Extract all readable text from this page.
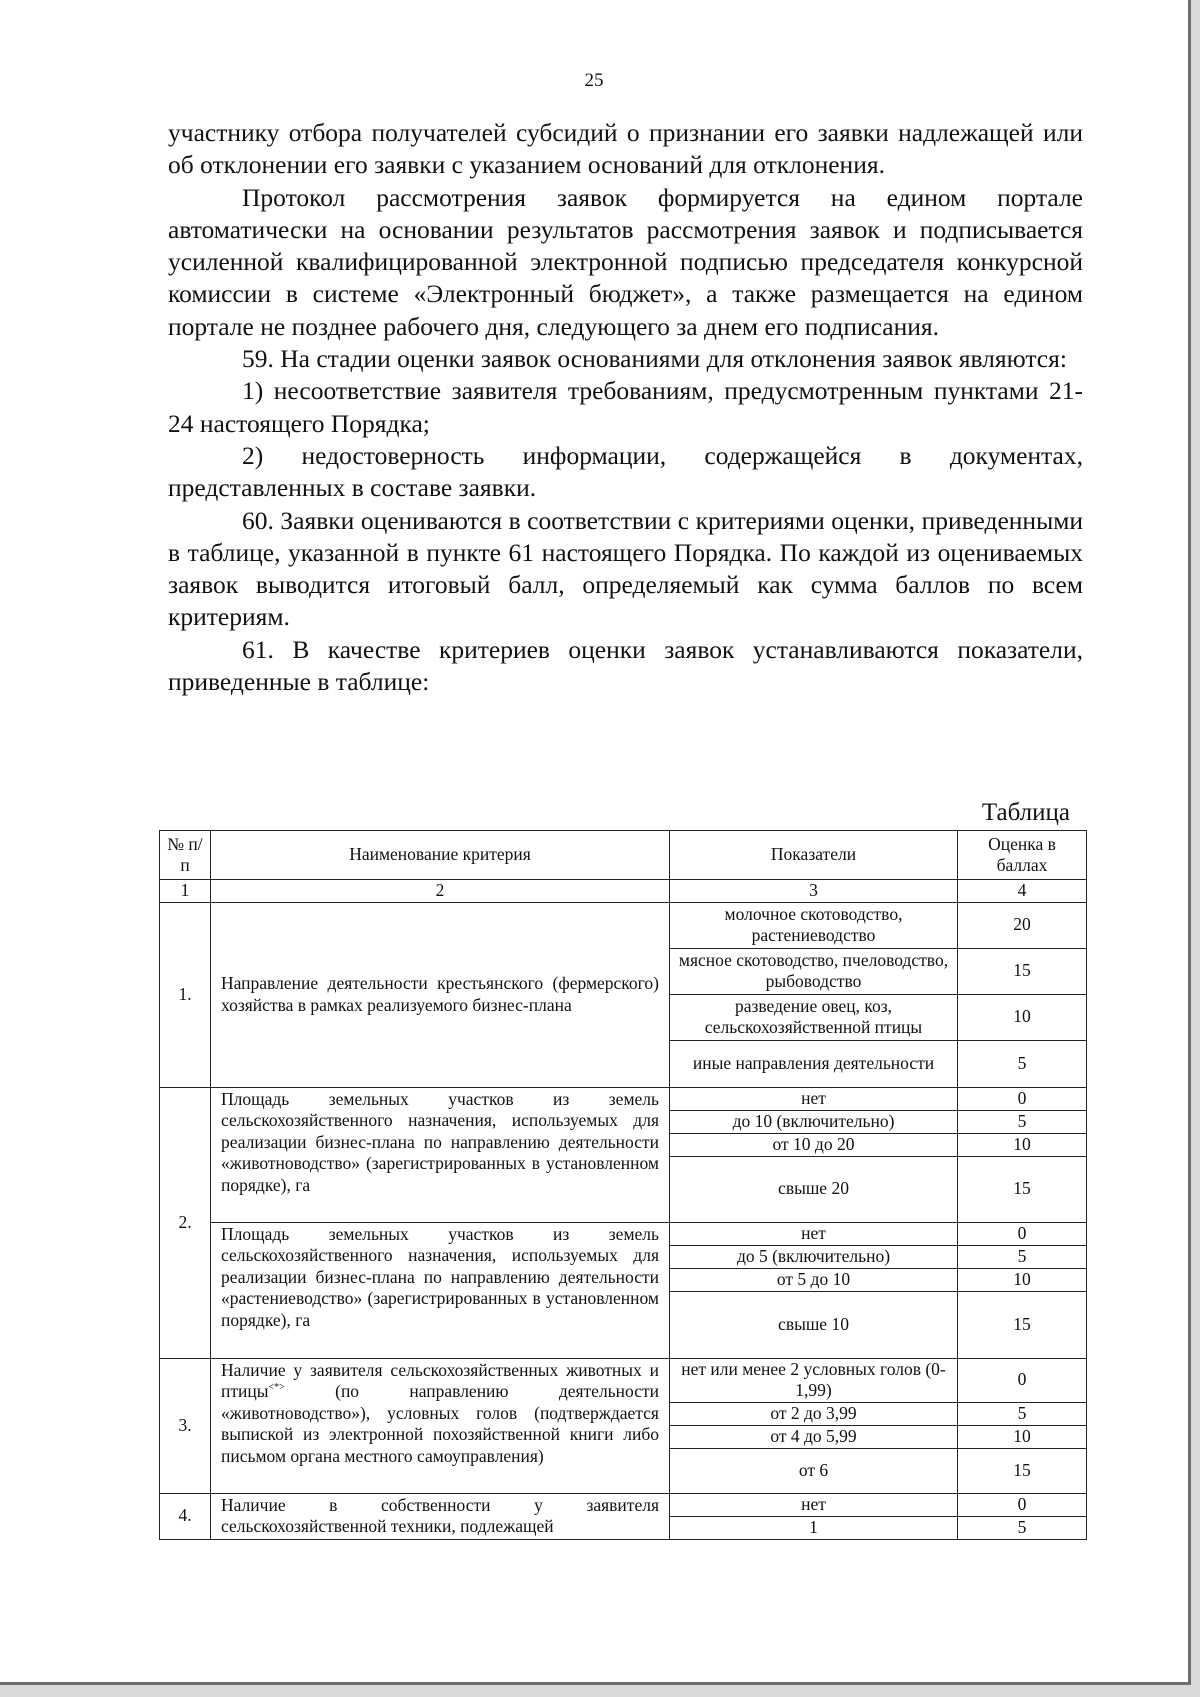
25

участнику отбора получателей субсидий о признании его заявки надлежащей или об отклонении его заявки с указанием оснований для отклонения.

Протокол рассмотрения заявок формируется на едином портале автоматически на основании результатов рассмотрения заявок и подписывается усиленной квалифицированной электронной подписью председателя конкурсной комиссии в системе «Электронный бюджет», а также размещается на едином портале не позднее рабочего дня, следующего за днем его подписания.

59. На стадии оценки заявок основаниями для отклонения заявок являются:

1) несоответствие заявителя требованиям, предусмотренным пунктами 21-24 настоящего Порядка;

2) недостоверность информации, содержащейся в документах, представленных в составе заявки.

60. Заявки оцениваются в соответствии с критериями оценки, приведенными в таблице, указанной в пункте 61 настоящего Порядка. По каждой из оцениваемых заявок выводится итоговый балл, определяемый как сумма баллов по всем критериям.

61. В качестве критериев оценки заявок устанавливаются показатели, приведенные в таблице:

Таблица
№ п/п	Наименование критерия	Показатели	Оценка в баллах
1	2	3	4
1.	Направление деятельности крестьянского (фермерского) хозяйства в рамках реализуемого бизнес-плана	молочное скотоводство, растениеводство	20
		мясное скотоводство, пчеловодство, рыбоводство	15
		разведение овец, коз, сельскохозяйственной птицы	10
		иные направления деятельности	5
2.	Площадь земельных участков из земель сельскохозяйственного назначения, используемых для реализации бизнес-плана по направлению деятельности «животноводство» (зарегистрированных в установленном порядке), га	нет	0
		до 10 (включительно)	5
		от 10 до 20	10
		свыше 20	15
	Площадь земельных участков из земель сельскохозяйственного назначения, используемых для реализации бизнес-плана по направлению деятельности «растениеводство» (зарегистрированных в установленном порядке), га	нет	0
		до 5 (включительно)	5
		от 5 до 10	10
		свыше 10	15
3.	Наличие у заявителя сельскохозяйственных животных и птицы<*> (по направлению деятельности «животноводство»), условных голов (подтверждается выпиской из электронной похозяйственной книги либо письмом органа местного самоуправления)	нет или менее 2 условных голов (0-1,99)	0
		от 2 до 3,99	5
		от 4 до 5,99	10
		от 6	15
4.	Наличие в собственности у заявителя сельскохозяйственной техники, подлежащей	нет	0
		1	5
